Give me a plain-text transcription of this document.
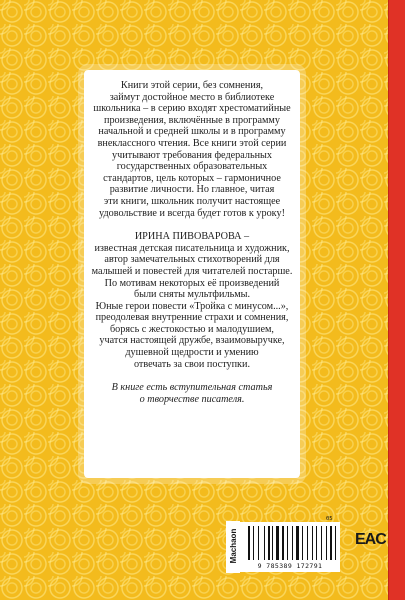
Книги этой серии, без сомнения,
займут достойное место в библиотеке
школьника – в серию входят хрестоматийные
произведения, включённые в программу
начальной и средней школы и в программу
внеклассного чтения. Все книги этой серии
учитывают требования федеральных
государственных образовательных
стандартов, цель которых – гармоничное
развитие личности. Но главное, читая
эти книги, школьник получит настоящее
удовольствие и всегда будет готов к уроку!

ИРИНА ПИВОВАРОВА –
известная детская писательница и художник,
автор замечательных стихотворений для
малышей и повестей для читателей постарше.
По мотивам некоторых её произведений
были сняты мультфильмы.
Юные герои повести «Тройка с минусом...»,
преодолевая внутренние страхи и сомнения,
борясь с жестокостью и малодушием,
учатся настоящей дружбе, взаимовыручке,
душевной щедрости и умению
отвечать за свои поступки.

В книге есть вступительная статья
о творчестве писателя.

9 785389 172791
05
Machaon	EAC
